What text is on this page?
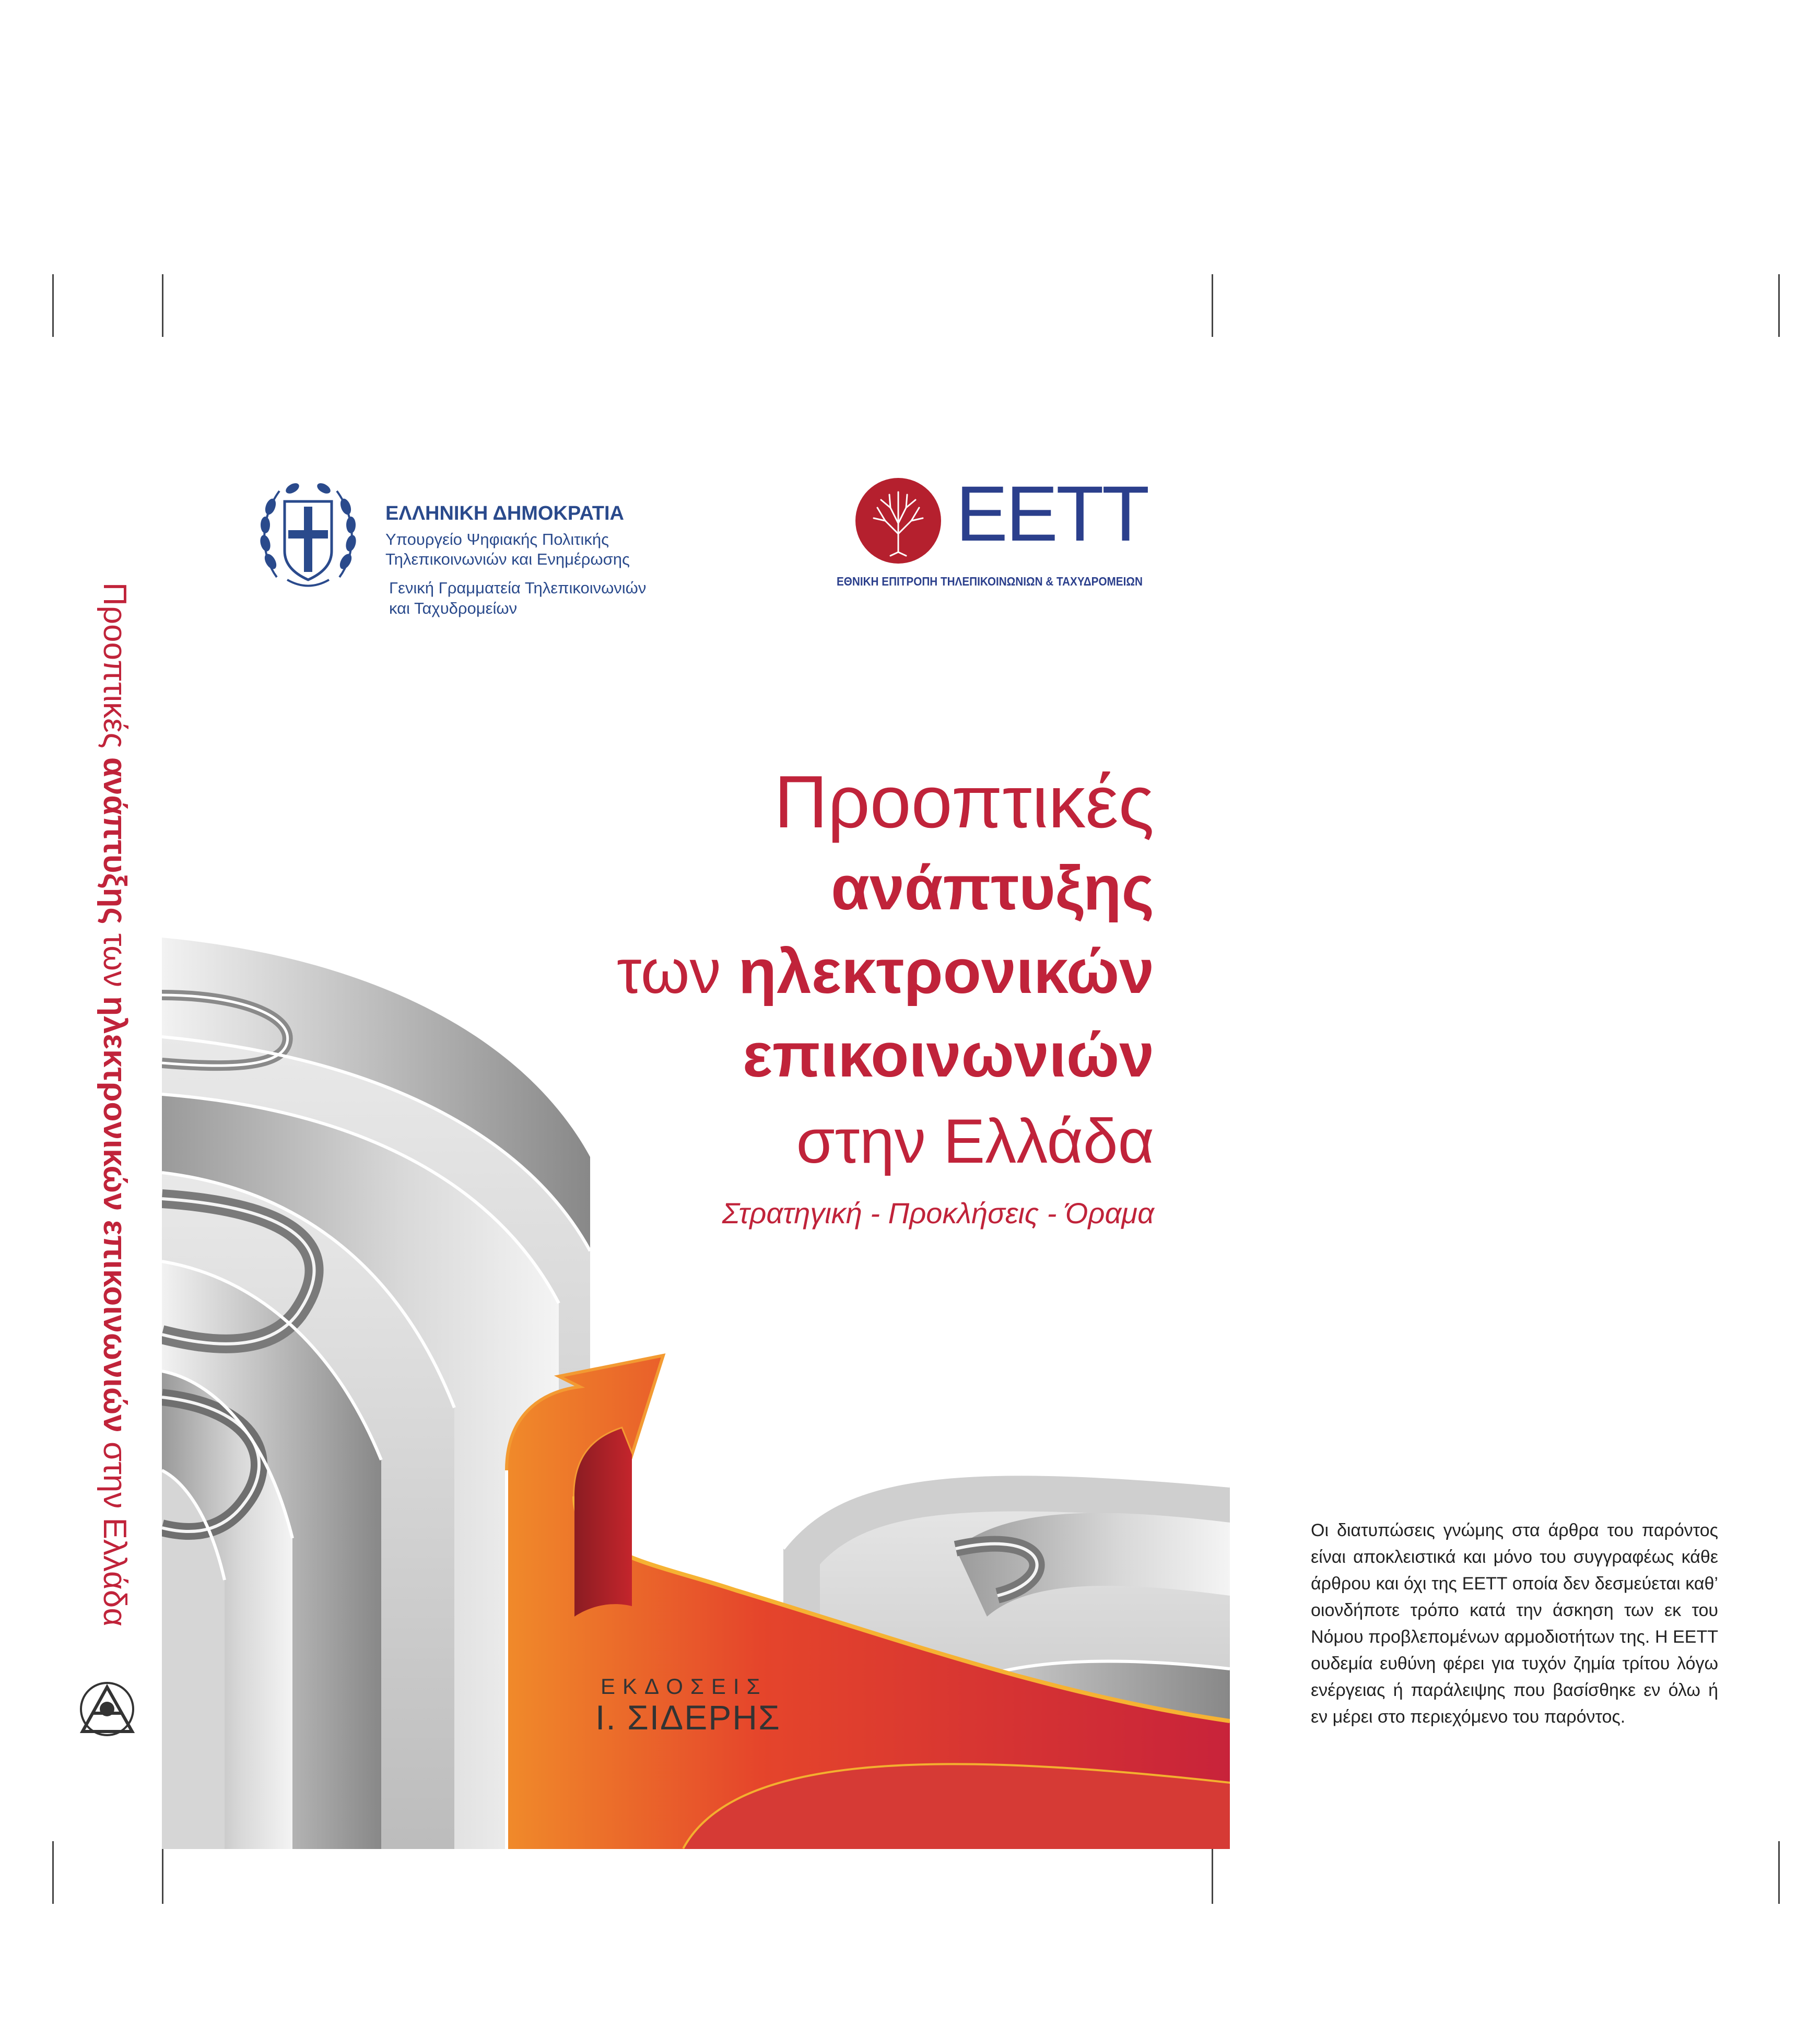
ΕΛΛΗΝΙΚΗ ΔΗΜΟΚΡΑΤΙΑ
Υπουργείο Ψηφιακής Πολιτικής
Τηλεπικοινωνιών και Ενημέρωσης
Γενική Γραμματεία Τηλεπικοινωνιών
και Ταχυδρομείων
ΕΕΤΤ
ΕΘΝΙΚΗ ΕΠΙΤΡΟΠΗ ΤΗΛΕΠΙΚΟΙΝΩΝΙΩΝ & ΤΑΧΥΔΡΟΜΕΙΩΝ
Προοπτικές ανάπτυξης των ηλεκτρονικών επικοινωνιών στην Ελλάδα
Προοπτικές
ανάπτυξης
των ηλεκτρονικών
επικοινωνιών
στην Ελλάδα
Στρατηγική - Προκλήσεις - Όραμα
ΕΚΔΟΣΕΙΣ
Ι. ΣΙΔΕΡΗΣ
Οι διατυπώσεις γνώμης στα άρθρα του παρόντος είναι αποκλειστικά και μόνο του συγγραφέως κάθε άρθρου και όχι της ΕΕΤΤ οποία δεν δεσμεύεται καθ’ οιονδήποτε τρόπο κατά την άσκηση των εκ του Νόμου προβλεπομένων αρμοδιοτήτων της. Η ΕΕΤΤ ουδεμία ευθύνη φέρει για τυχόν ζημία τρίτου λόγω ενέργειας ή παράλειψης που βασίσθηκε εν όλω ή εν μέρει στο περιεχόμενο του παρόντος.
